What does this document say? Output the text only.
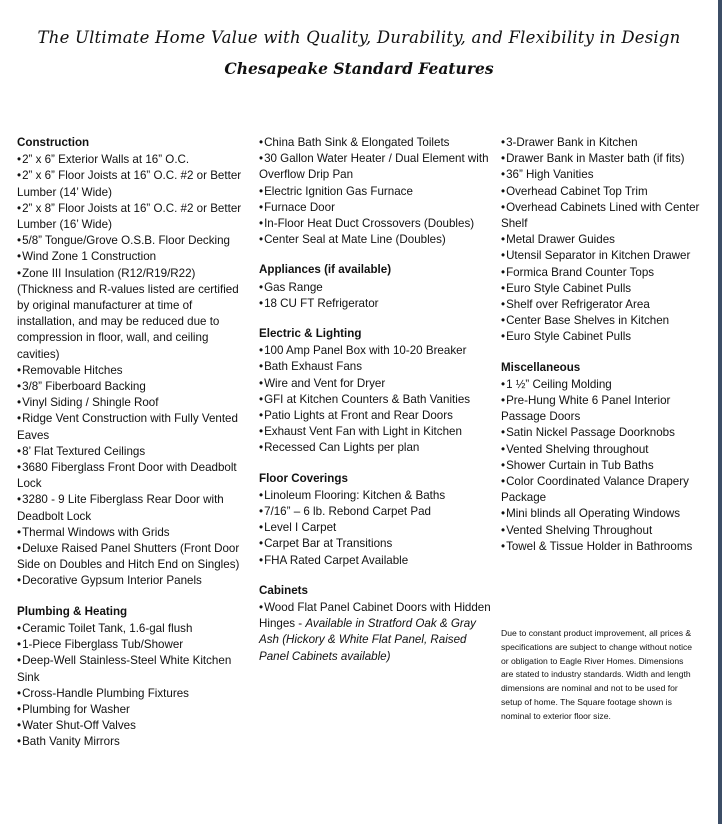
The Ultimate Home Value with Quality, Durability, and Flexibility in Design
Chesapeake Standard Features
Construction
•2” x 6” Exterior Walls at 16” O.C.
•2” x 6” Floor Joists at 16” O.C. #2 or Better Lumber (14’ Wide)
•2” x 8” Floor Joists at 16” O.C. #2 or Better Lumber (16’ Wide)
•5/8” Tongue/Grove O.S.B. Floor Decking
•Wind Zone 1 Construction
•Zone III Insulation (R12/R19/R22) (Thickness and R-values listed are certified by original manufacturer at time of installation, and may be reduced due to compression in floor, wall, and ceiling cavities)
•Removable Hitches
•3/8” Fiberboard Backing
•Vinyl Siding / Shingle Roof
•Ridge Vent Construction with Fully Vented Eaves
•8’ Flat Textured Ceilings
•3680 Fiberglass Front Door with Deadbolt Lock
•3280 - 9 Lite Fiberglass Rear Door with Deadbolt Lock
•Thermal Windows with Grids
•Deluxe Raised Panel Shutters (Front Door Side on Doubles and Hitch End on Singles)
•Decorative Gypsum Interior Panels
Plumbing & Heating
•Ceramic Toilet Tank, 1.6-gal flush
•1-Piece Fiberglass Tub/Shower
•Deep-Well Stainless-Steel White Kitchen Sink
•Cross-Handle Plumbing Fixtures
•Plumbing for Washer
•Water Shut-Off Valves
•Bath Vanity Mirrors
•China Bath Sink & Elongated Toilets
•30 Gallon Water Heater / Dual Element with Overflow Drip Pan
•Electric Ignition Gas Furnace
•Furnace Door
•In-Floor Heat Duct Crossovers (Doubles)
•Center Seal at Mate Line (Doubles)
Appliances (if available)
•Gas Range
•18 CU FT Refrigerator
Electric & Lighting
•100 Amp Panel Box with 10-20 Breaker
•Bath Exhaust Fans
•Wire and Vent for Dryer
•GFI at Kitchen Counters & Bath Vanities
•Patio Lights at Front and Rear Doors
•Exhaust Vent Fan with Light in Kitchen
•Recessed Can Lights per plan
Floor Coverings
•Linoleum Flooring: Kitchen & Baths
•7/16” – 6 lb. Rebond Carpet Pad
•Level I Carpet
•Carpet Bar at Transitions
•FHA Rated Carpet Available
Cabinets
•Wood Flat Panel Cabinet Doors with Hidden Hinges - Available in Stratford Oak & Gray Ash (Hickory & White Flat Panel, Raised Panel Cabinets available)
•3-Drawer Bank in Kitchen
•Drawer Bank in Master bath (if fits)
•36” High Vanities
•Overhead Cabinet Top Trim
•Overhead Cabinets Lined with Center Shelf
•Metal Drawer Guides
•Utensil Separator in Kitchen Drawer
•Formica Brand Counter Tops
•Euro Style Cabinet Pulls
•Shelf over Refrigerator Area
•Center Base Shelves in Kitchen
•Euro Style Cabinet Pulls
Miscellaneous
•1 ½” Ceiling Molding
•Pre-Hung White 6 Panel Interior Passage Doors
•Satin Nickel Passage Doorknobs
•Vented Shelving throughout
•Shower Curtain in Tub Baths
•Color Coordinated Valance Drapery Package
•Mini blinds all Operating Windows
•Vented Shelving Throughout
•Towel & Tissue Holder in Bathrooms
Due to constant product improvement, all prices & specifications are subject to change without notice or obligation to Eagle River Homes. Dimensions are stated to industry standards. Width and length dimensions are nominal and not to be used for setup of home. The Square footage shown is nominal to exterior floor size.
